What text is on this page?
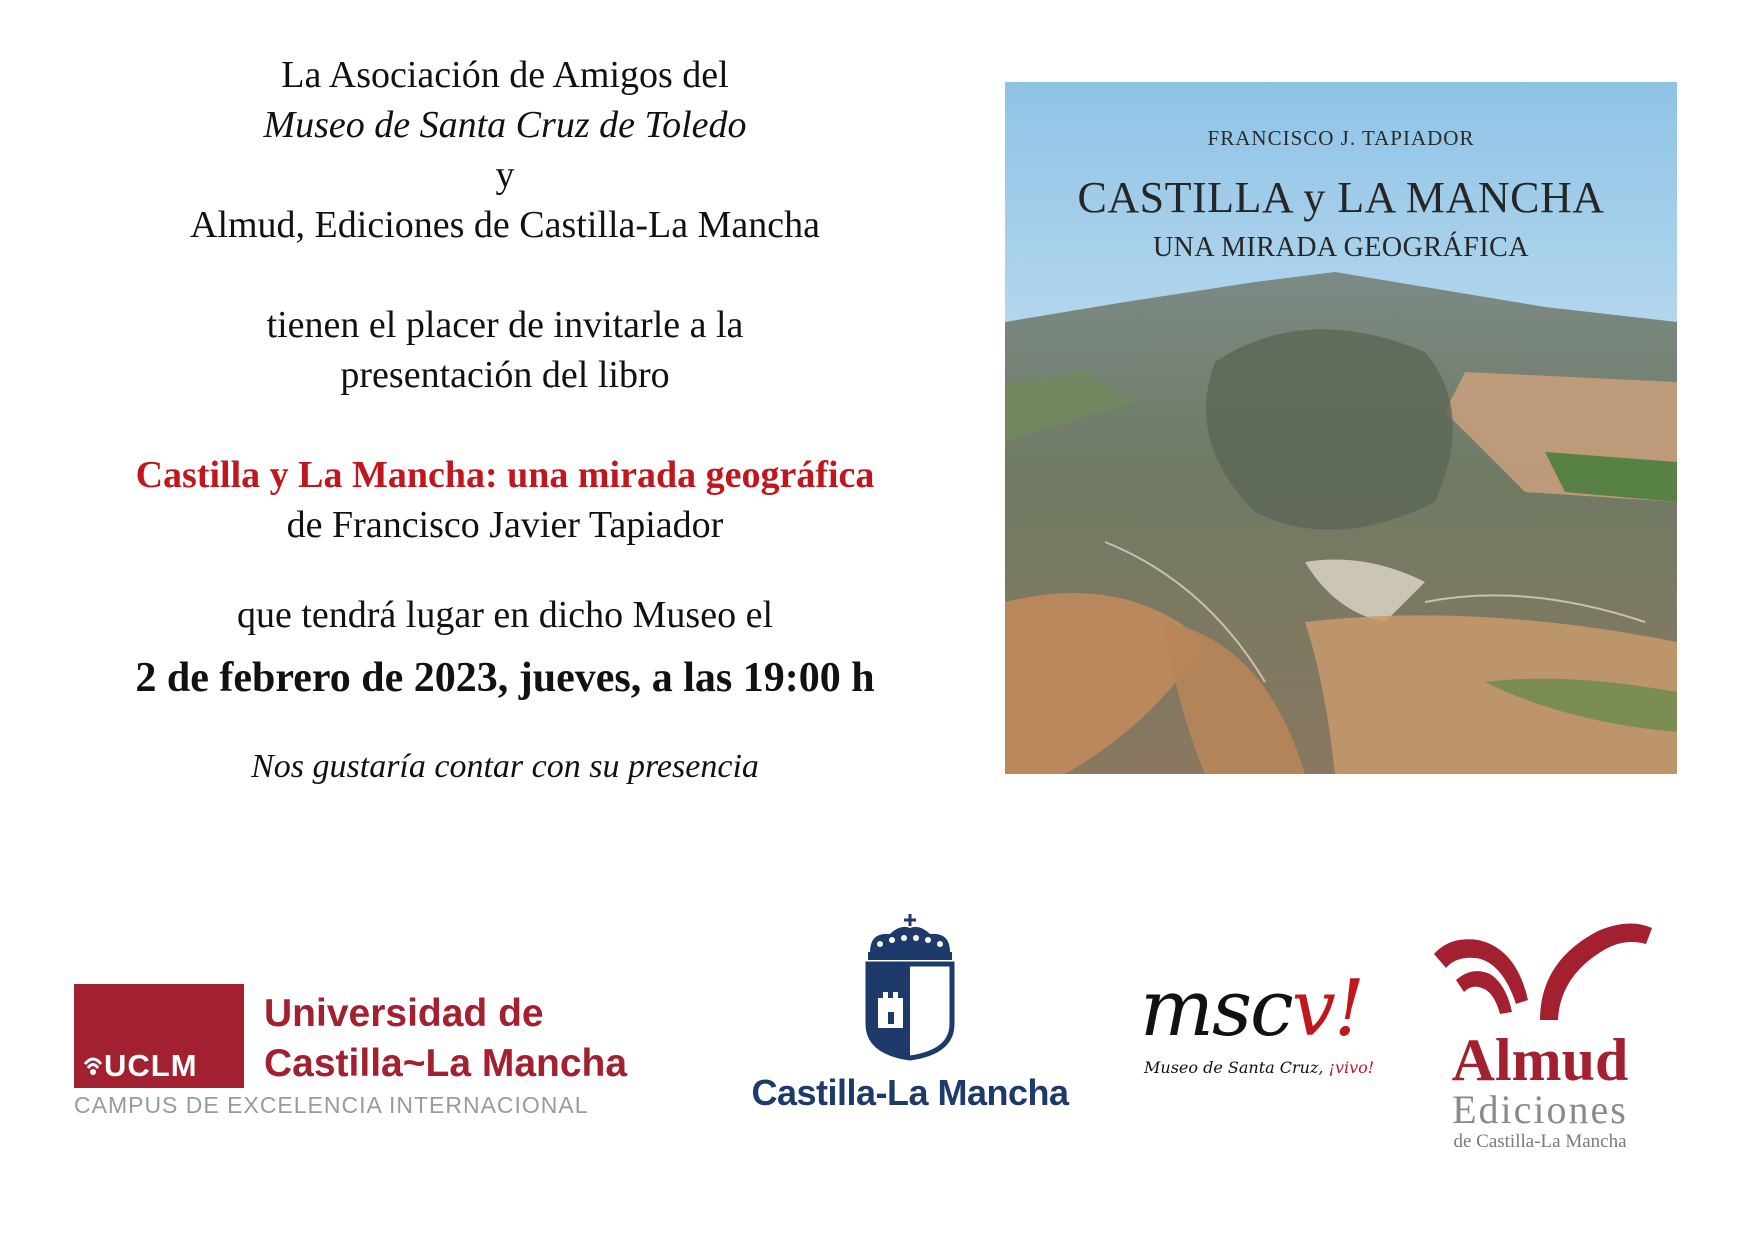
La Asociación de Amigos del
Museo de Santa Cruz de Toledo
y
Almud, Ediciones de Castilla-La Mancha
tienen el placer de invitarle a la
presentación del libro
Castilla y La Mancha: una mirada geográfica
de Francisco Javier Tapiador
que tendrá lugar en dicho Museo el
2 de febrero de 2023, jueves, a las 19:00 h
Nos gustaría contar con su presencia
FRANCISCO J. TAPIADOR
CASTILLA y LA MANCHA
UNA MIRADA GEOGRÁFICA
UCLM
Universidad de
Castilla~La Mancha
CAMPUS DE EXCELENCIA INTERNACIONAL	Castilla-La Mancha
mscv!
Museo de Santa Cruz, ¡vivo!	Almud
Ediciones
de Castilla-La Mancha
